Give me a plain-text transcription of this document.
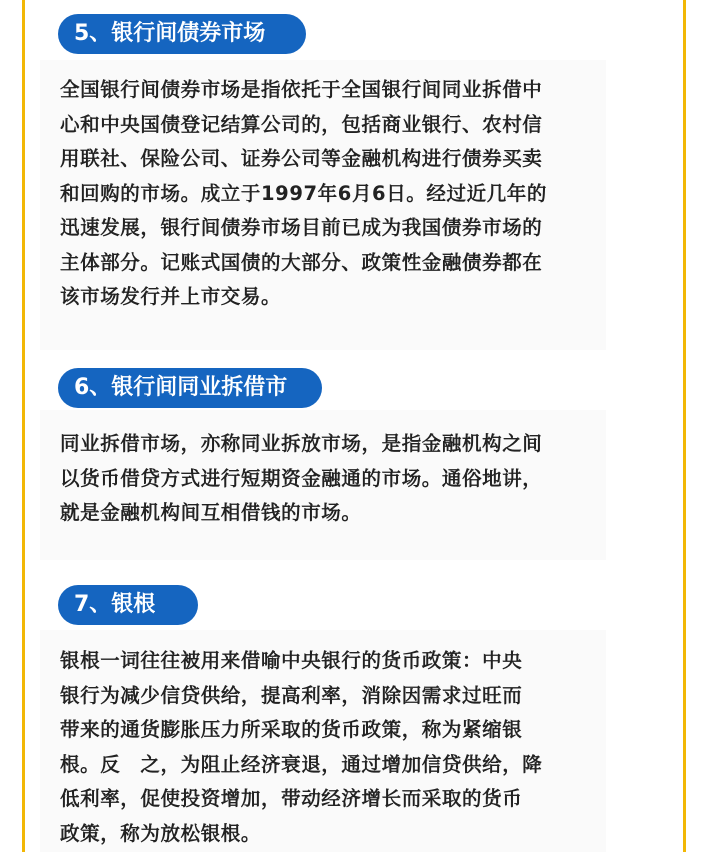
5、银行间债券市场

全国银行间债券市场是指依托于全国银行间同业拆借中
心和中央国债登记结算公司的，包括商业银行、农村信
用联社、保险公司、证券公司等金融机构进行债券买卖
和回购的市场。成立于1997年6月6日。经过近几年的
迅速发展，银行间债券市场目前已成为我国债券市场的
主体部分。记账式国债的大部分、政策性金融债券都在
该市场发行并上市交易。

6、银行间同业拆借市

同业拆借市场，亦称同业拆放市场，是指金融机构之间
以货币借贷方式进行短期资金融通的市场。通俗地讲，
就是金融机构间互相借钱的市场。

7、银根

银根一词往往被用来借喻中央银行的货币政策：中央
银行为减少信贷供给，提高利率，消除因需求过旺而
带来的通货膨胀压力所采取的货币政策，称为紧缩银
根。反　之，为阻止经济衰退，通过增加信贷供给，降
低利率，促使投资增加，带动经济增长而采取的货币
政策，称为放松银根。
